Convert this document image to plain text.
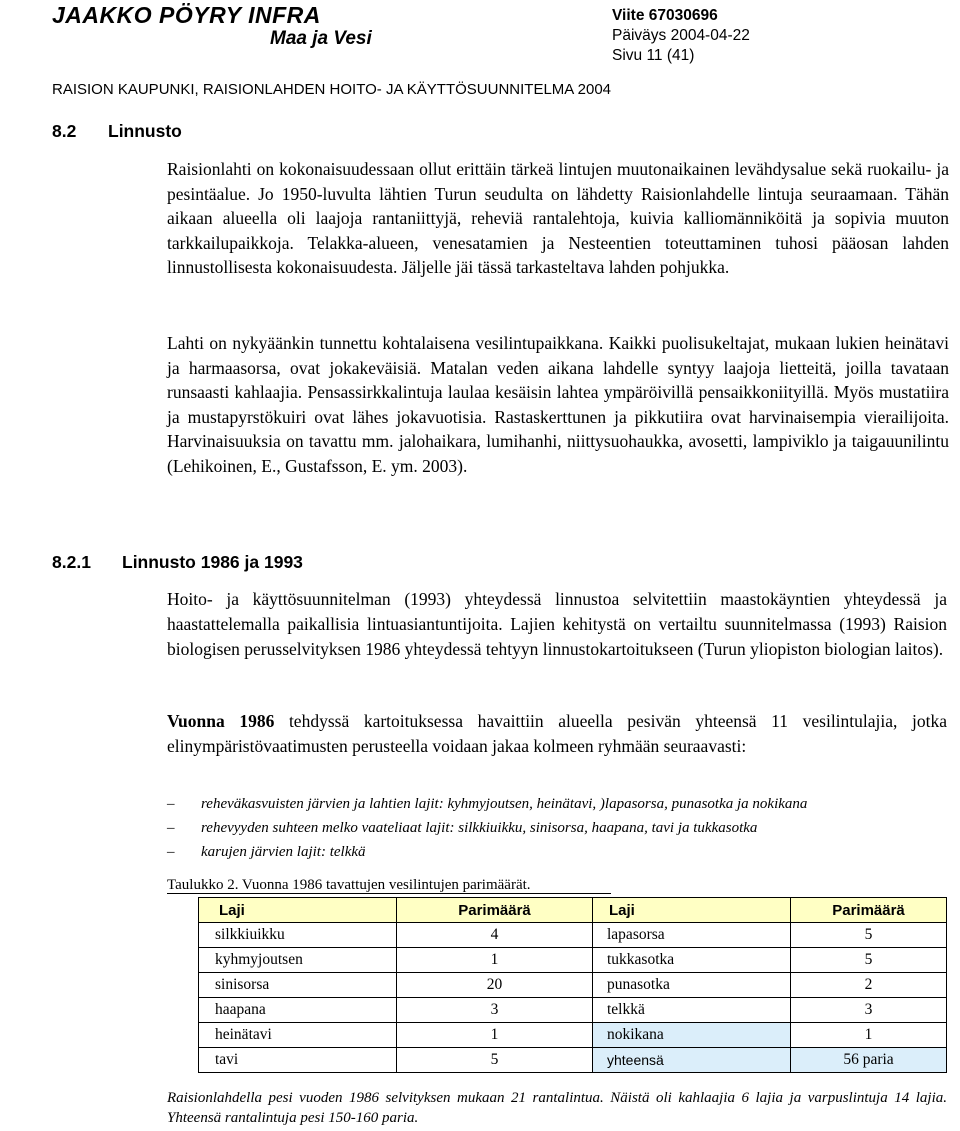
JAAKKO PÖYRY INFRA
Maa ja Vesi
Viite 67030696
Päiväys 2004-04-22
Sivu 11 (41)
RAISION KAUPUNKI, RAISIONLAHDEN HOITO- JA KÄYTTÖSUUNNITELMA 2004
8.2 Linnusto
Raisionlahti on kokonaisuudessaan ollut erittäin tärkeä lintujen muutonaikainen levähdysalue sekä ruokailu- ja pesintäalue. Jo 1950-luvulta lähtien Turun seudulta on lähdetty Raisionlahdelle lintuja seuraamaan. Tähän aikaan alueella oli laajoja rantaniittyjä, reheviä rantalehtoja, kuivia kalliomänniköitä ja sopivia muuton tarkkailupaikkoja. Telakka-alueen, venesatamien ja Nesteentien toteuttaminen tuhosi pääosan lahden linnustollisesta kokonaisuudesta. Jäljelle jäi tässä tarkasteltava lahden pohjukka.
Lahti on nykyäänkin tunnettu kohtalaisena vesilintupaikkana. Kaikki puolisukeltajat, mukaan lukien heinätavi ja harmaasorsa, ovat jokakeväisiä. Matalan veden aikana lahdelle syntyy laajoja lietteitä, joilla tavataan runsaasti kahlaajia. Pensassirkkalintuja laulaa kesäisin lahtea ympäröivillä pensaikkoniityillä. Myös mustatiira ja mustapyrstökuiri ovat lähes jokavuotisia. Rastaskerttunen ja pikkutiira ovat harvinaisempia vierailijoita. Harvinaisuuksia on tavattu mm. jalohaikara, lumihanhi, niittysuohaukka, avosetti, lampiviklo ja taigauunilintu (Lehikoinen, E., Gustafsson, E. ym. 2003).
8.2.1 Linnusto 1986 ja 1993
Hoito- ja käyttösuunnitelman (1993) yhteydessä linnustoa selvitettiin maastokäyntien yhteydessä ja haastattelemalla paikallisia lintuasiantuntijoita. Lajien kehitystä on vertailtu suunnitelmassa (1993) Raision biologisen perusselvityksen 1986 yhteydessä tehtyyn linnustokartoitukseen (Turun yliopiston biologian laitos).
Vuonna 1986 tehdyssä kartoituksessa havaittiin alueella pesivän yhteensä 11 vesilintulajia, jotka elinympäristövaatimusten perusteella voidaan jakaa kolmeen ryhmään seuraavasti:
– reheväkasvuisten järvien ja lahtien lajit: kyhmyjoutsen, heinätavi, )lapasorsa, punasotka ja nokikana
– rehevyyden suhteen melko vaateliaat lajit: silkkiuikku, sinisorsa, haapana, tavi ja tukkasotka
– karujen järvien lajit: telkkä
Taulukko 2. Vuonna 1986 tavattujen vesilintujen parimäärät.
Laji	Parimäärä	Laji	Parimäärä
silkkiuikku	4	lapasorsa	5
kyhmyjoutsen	1	tukkasotka	5
sinisorsa	20	punasotka	2
haapana	3	telkkä	3
heinätavi	1	nokikana	1
tavi	5	yhteensä	56 paria
Raisionlahdella pesi vuoden 1986 selvityksen mukaan 21 rantalintua. Näistä oli kahlaajia 6 lajia ja varpuslintuja 14 lajia. Yhteensä rantalintuja pesi 150-160 paria.
